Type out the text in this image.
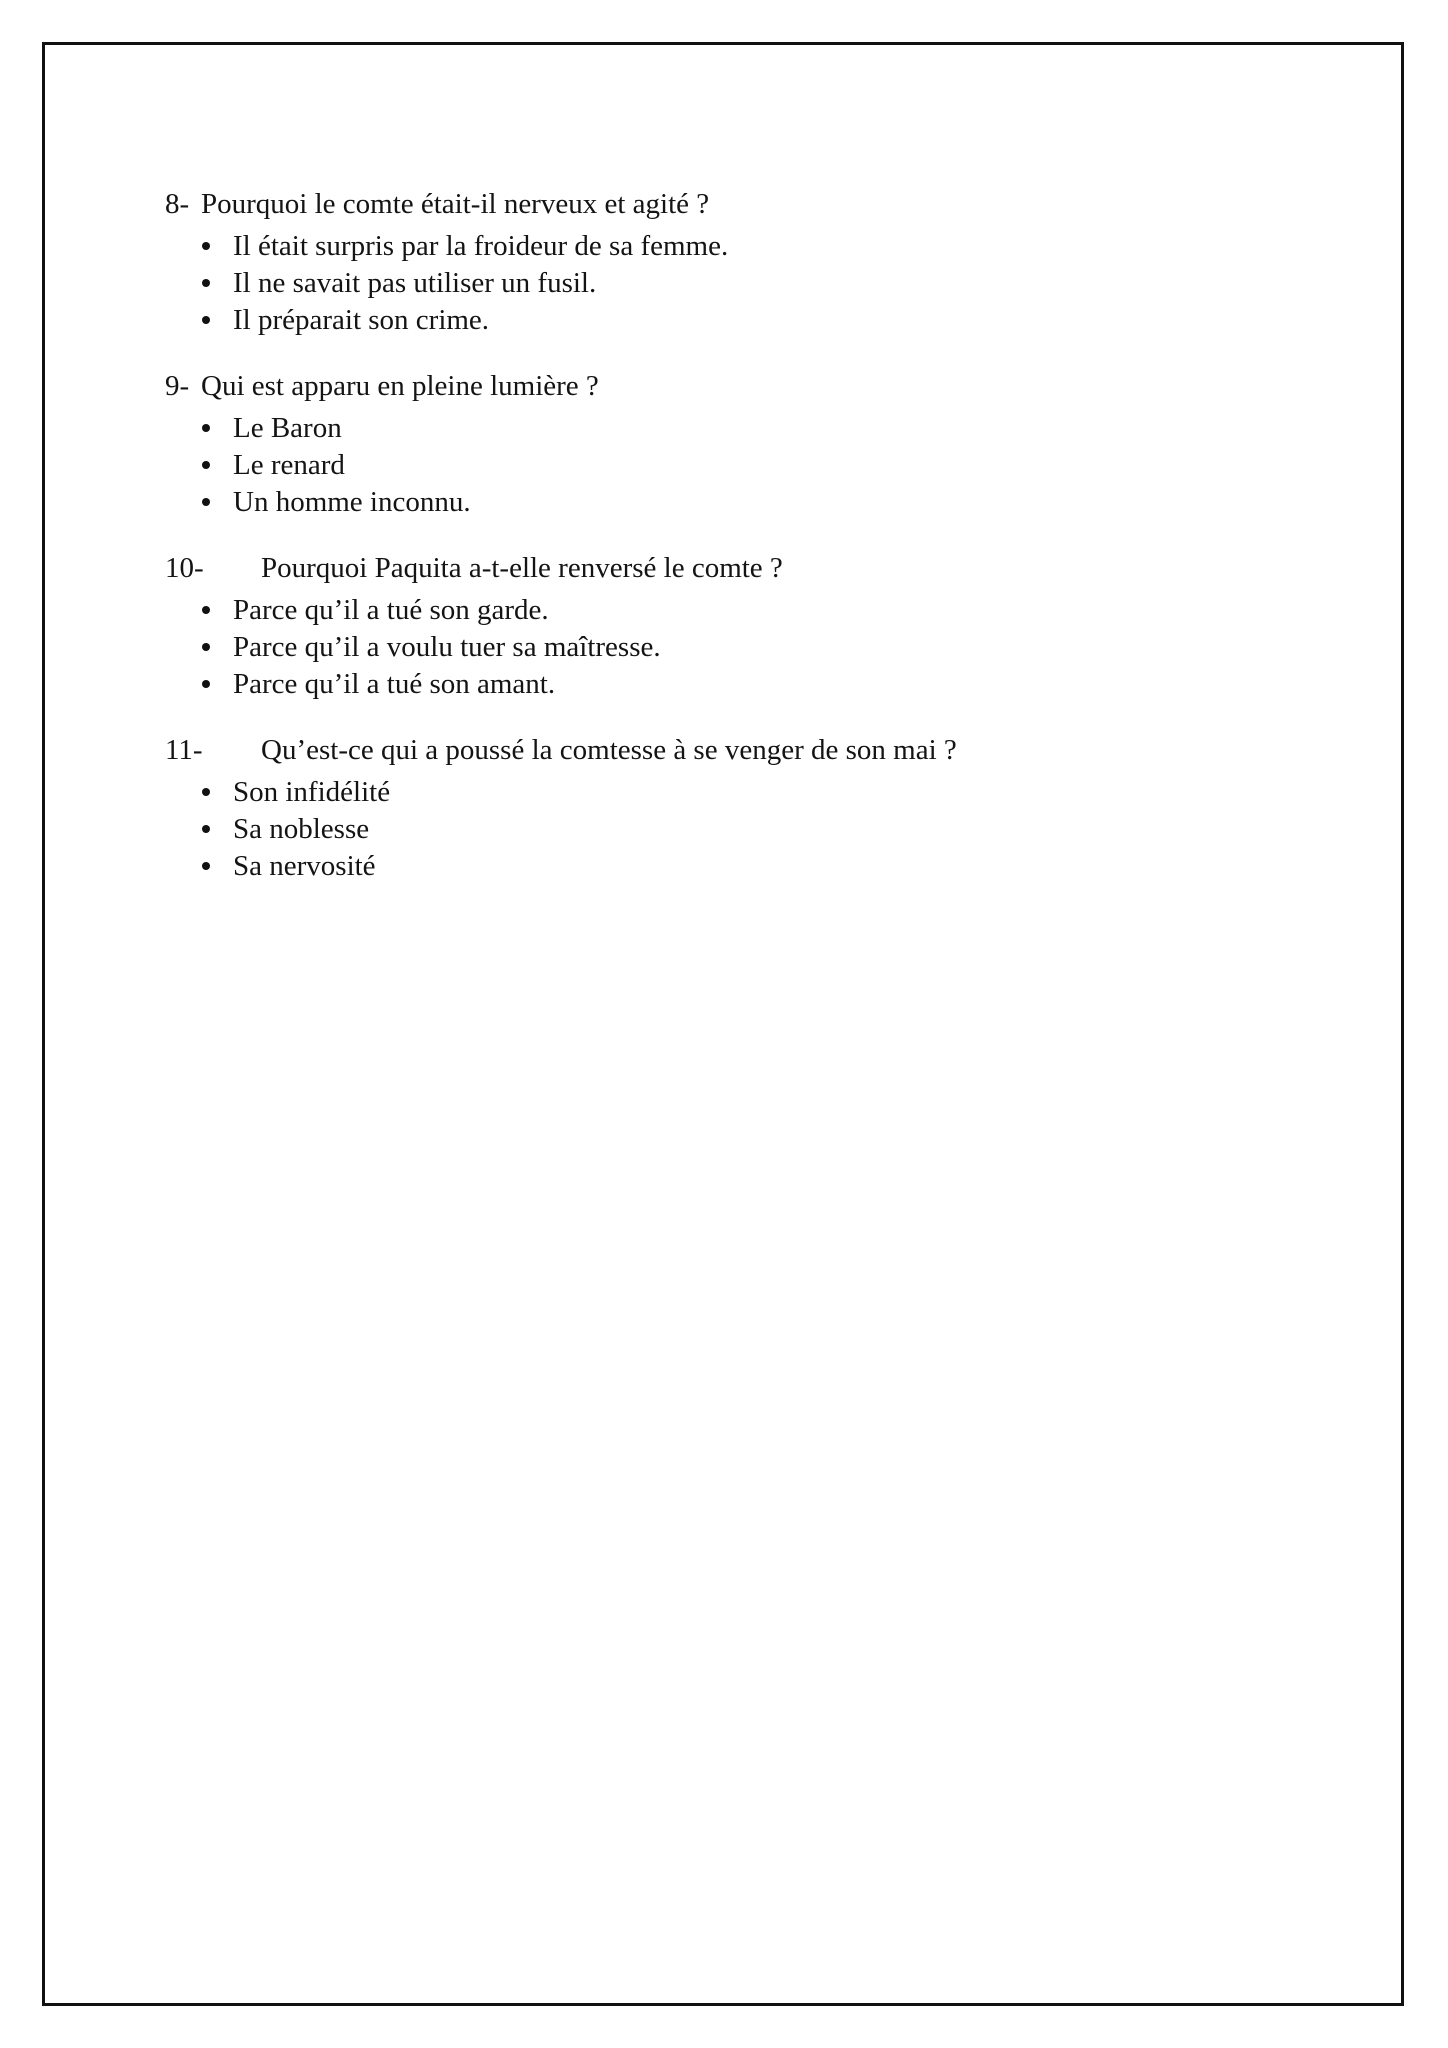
8- Pourquoi le comte était-il nerveux et agité ?
Il était surpris par la froideur de sa femme.
Il ne savait pas utiliser un fusil.
Il préparait son crime.
9- Qui est apparu en pleine lumière ?
Le Baron
Le renard
Un homme inconnu.
10-	Pourquoi Paquita a-t-elle renversé le comte ?
Parce qu’il a tué son garde.
Parce qu’il a voulu tuer sa maîtresse.
Parce qu’il a tué son amant.
11-	Qu’est-ce qui a poussé la comtesse à se venger de son mai ?
Son infidélité
Sa noblesse
Sa nervosité
